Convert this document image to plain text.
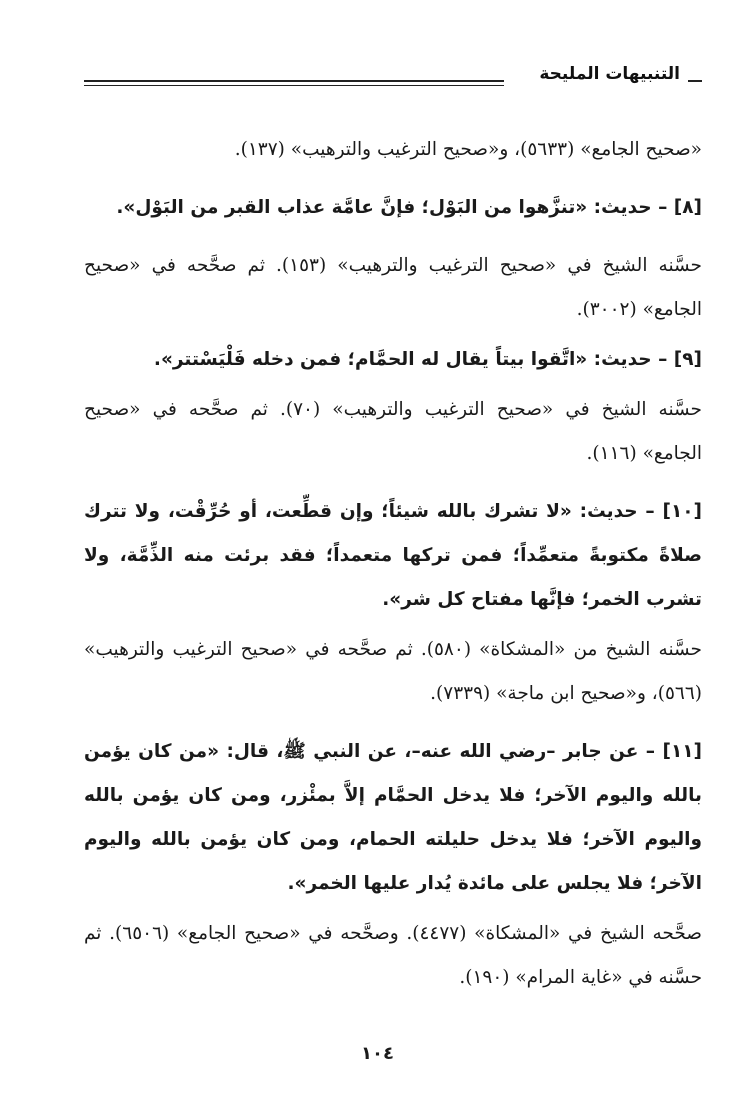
التنبيهات المليحة

«صحيح الجامع» (٥٦٣٣)، و«صحيح الترغيب والترهيب» (١٣٧).

[٨] – حديث: «تنزَّهوا من البَوْل؛ فإنَّ عامَّة عذاب القبر من البَوْل».

حسَّنه الشيخ في «صحيح الترغيب والترهيب» (١٥٣). ثم صحَّحه في «صحيح الجامع» (٣٠٠٢).

[٩] – حديث: «اتَّقوا بيتاً يقال له الحمَّام؛ فمن دخله فَلْيَسْتتر».

حسَّنه الشيخ في «صحيح الترغيب والترهيب» (٧٠). ثم صحَّحه في «صحيح الجامع» (١١٦).

[١٠] – حديث: «لا تشرك بالله شيئاً؛ وإن قطِّعت، أو حُرِّقْت، ولا تترك صلاةً مكتوبةً متعمِّداً؛ فمن تركها متعمداً؛ فقد برئت منه الذِّمَّة، ولا تشرب الخمر؛ فإنَّها مفتاح كل شر».

حسَّنه الشيخ من «المشكاة» (٥٨٠). ثم صحَّحه في «صحيح الترغيب والترهيب» (٥٦٦)، و«صحيح ابن ماجة» (٧٣٣٩).

[١١] – عن جابر –رضي الله عنه–، عن النبي ﷺ، قال: «من كان يؤمن بالله واليوم الآخر؛ فلا يدخل الحمَّام إلاَّ بمئْزر، ومن كان يؤمن بالله واليوم الآخر؛ فلا يدخل حليلته الحمام، ومن كان يؤمن بالله واليوم الآخر؛ فلا يجلس على مائدة يُدار عليها الخمر».

صحَّحه الشيخ في «المشكاة» (٤٤٧٧). وصحَّحه في «صحيح الجامع» (٦٥٠٦). ثم حسَّنه في «غاية المرام» (١٩٠).

١٠٤
